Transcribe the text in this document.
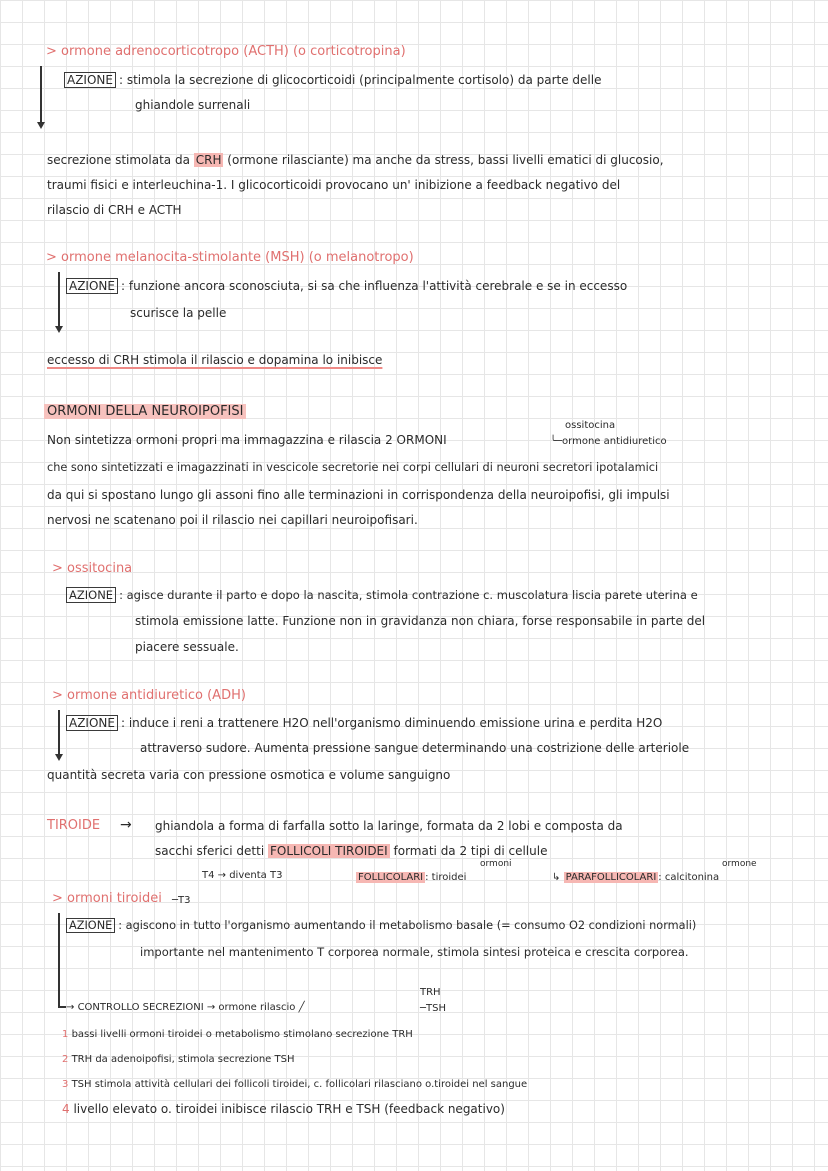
> ormone adrenocorticotropo (ACTH) (o corticotropina)
AZIONE : stimola la secrezione di glicocorticoidi (principalmente cortisolo) da parte delle
ghiandole surrenali
secrezione stimolata da CRH (ormone rilasciante) ma anche da stress, bassi livelli ematici di glucosio,
traumi fisici e interleuchina-1. I glicocorticoidi provocano un' inibizione a feedback negativo del
rilascio di CRH e ACTH
> ormone melanocita-stimolante (MSH) (o melanotropo)
AZIONE : funzione ancora sconosciuta, si sa che influenza l'attività cerebrale e se in eccesso
scurisce la pelle
eccesso di CRH stimola il rilascio e dopamina lo inibisce
ORMONI DELLA NEUROIPOFISI
ossitocina
Non sintetizza ormoni propri ma immagazzina e rilascia 2 ORMONI	╰─ormone antidiuretico
che sono sintetizzati e imagazzinati in vescicole secretorie nei corpi cellulari di neuroni secretori ipotalamici
da qui si spostano lungo gli assoni fino alle terminazioni in corrispondenza della neuroipofisi, gli impulsi
nervosi ne scatenano poi il rilascio nei capillari neuroipofisari.
> ossitocina
AZIONE : agisce durante il parto e dopo la nascita, stimola contrazione c. muscolatura liscia parete uterina e
stimola emissione latte. Funzione non in gravidanza non chiara, forse responsabile in parte del
piacere sessuale.
> ormone antidiuretico (ADH)
AZIONE : induce i reni a trattenere H2O nell'organismo diminuendo emissione urina e perdita H2O
attraverso sudore. Aumenta pressione sangue determinando una costrizione delle arteriole
quantità secreta varia con pressione osmotica e volume sanguigno
TIROIDE → ghiandola a forma di farfalla sotto la laringe, formata da 2 lobi e composta da
sacchi sferici detti FOLLICOLI TIROIDEI formati da 2 tipi di cellule
ormoni	ormone
T4 → diventa T3	FOLLICOLARI : tiroidei	↳ PARAFOLLICOLARI : calcitonina
> ormoni tiroidei ─T3
AZIONE : agiscono in tutto l'organismo aumentando il metabolismo basale (= consumo O2 condizioni normali)
importante nel mantenimento T corporea normale, stimola sintesi proteica e crescita corporea.
TRH
→ CONTROLLO SECREZIONI → ormone rilascio ╱	─TSH
1 bassi livelli ormoni tiroidei o metabolismo stimolano secrezione TRH
2 TRH da adenoipofisi, stimola secrezione TSH
3 TSH stimola attività cellulari dei follicoli tiroidei, c. follicolari rilasciano o.tiroidei nel sangue
4 livello elevato o. tiroidei inibisce rilascio TRH e TSH (feedback negativo)
